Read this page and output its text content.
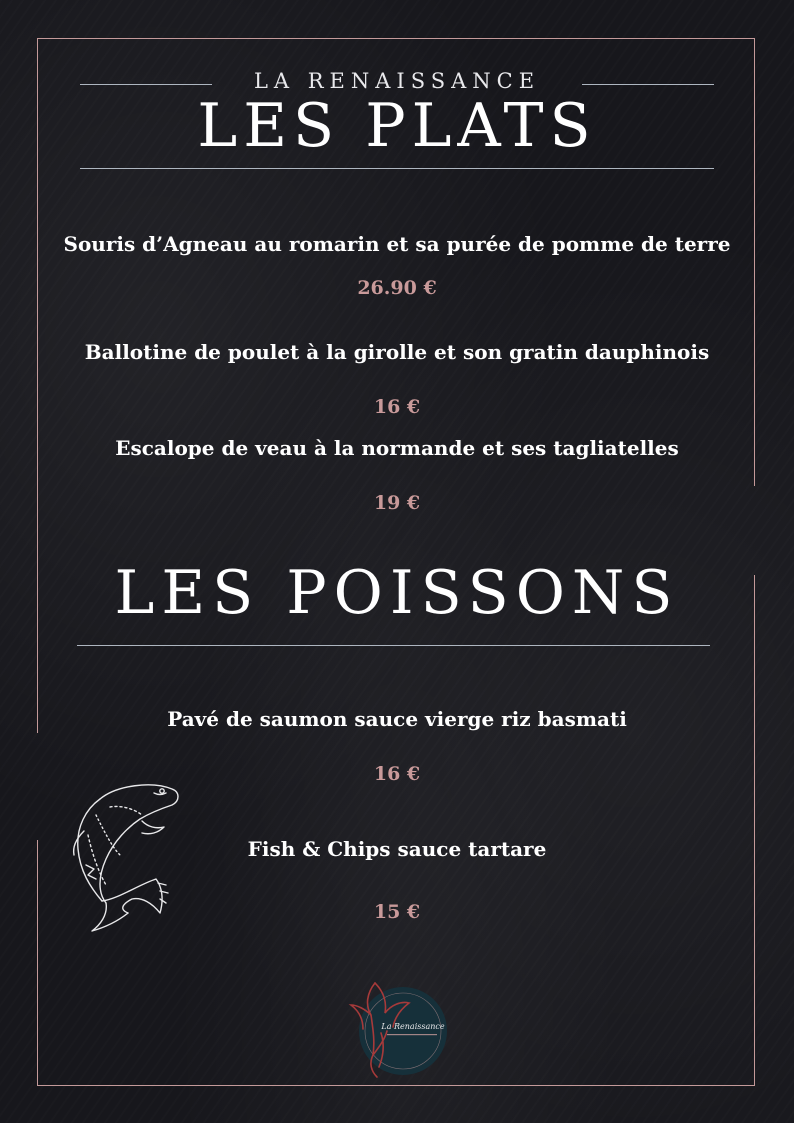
LA RENAISSANCE
LES PLATS
Souris d’Agneau au romarin et sa purée de pomme de terre
26.90 €
Ballotine de poulet à la girolle et son gratin dauphinois
16 €
Escalope de veau à la normande et ses tagliatelles
19 €
LES POISSONS
Pavé de saumon sauce vierge riz basmati
16 €
Fish & Chips sauce tartare
15 €
La Renaissance
